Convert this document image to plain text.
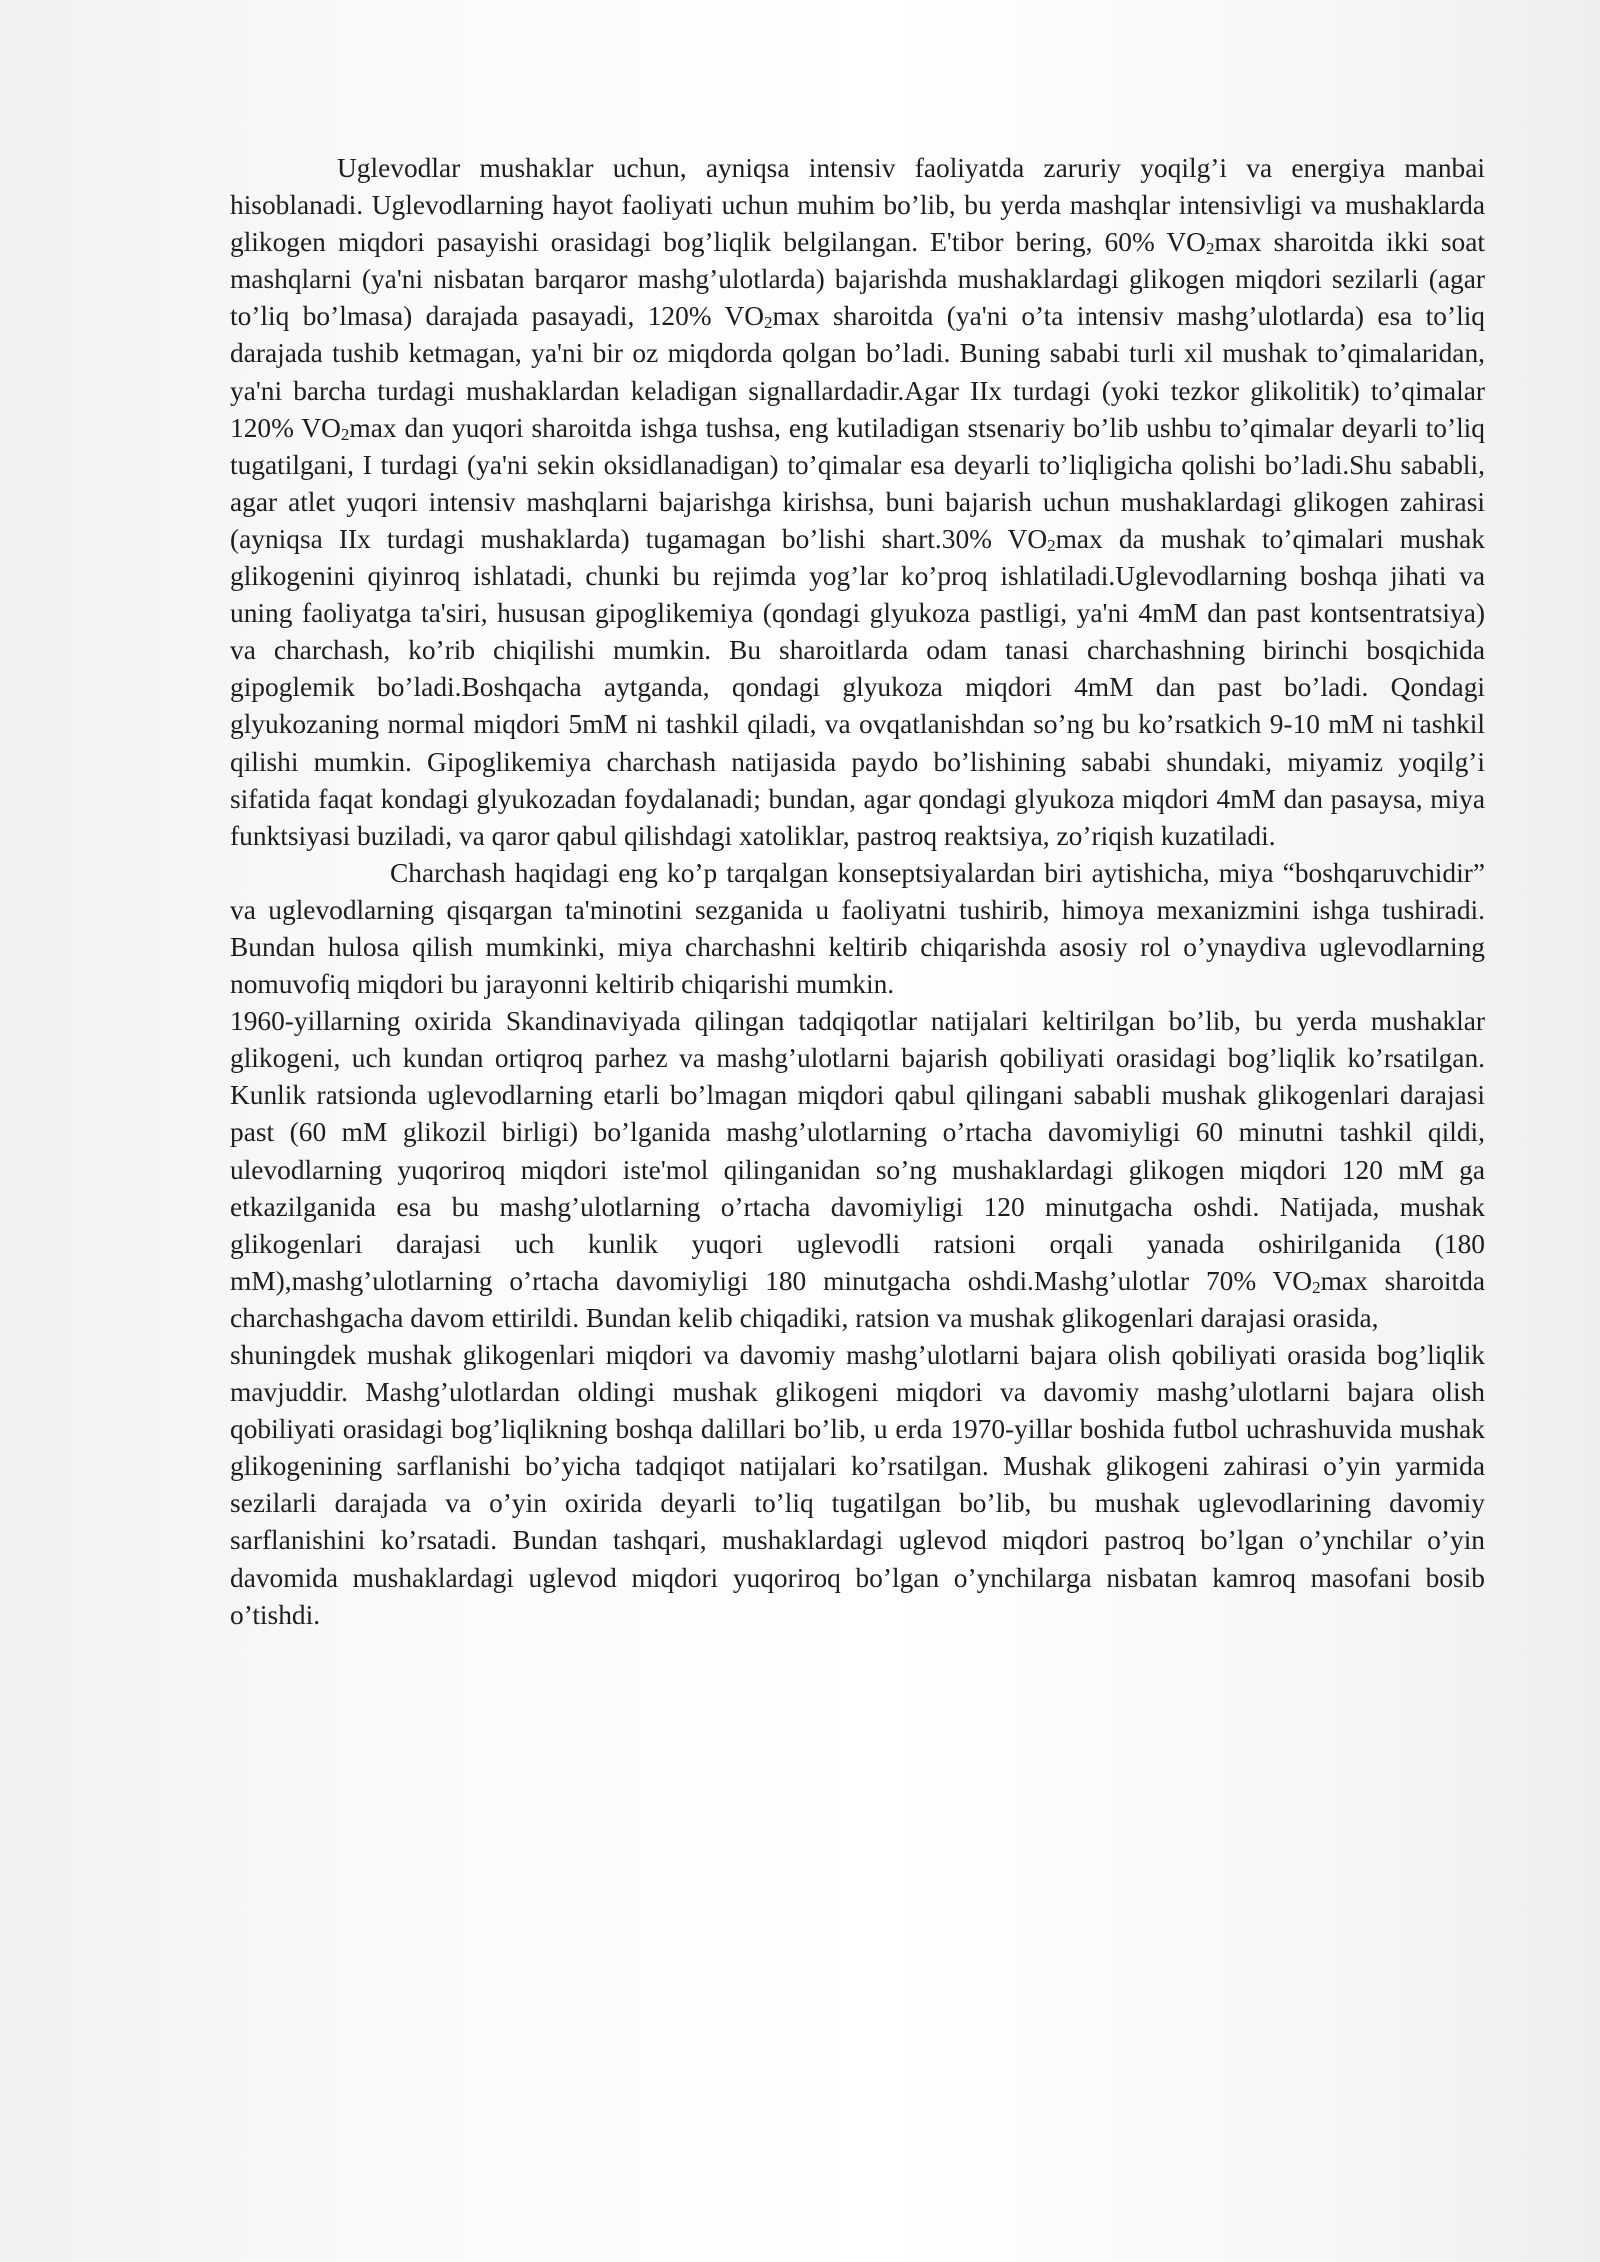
Uglevodlar mushaklar uchun, ayniqsa intensiv faoliyatda zaruriy yoqilg’i va energiya manbai hisoblanadi. Uglevodlarning hayot faoliyati uchun muhim bo’lib, bu yerda mashqlar intensivligi va mushaklarda glikogen miqdori pasayishi orasidagi bog’liqlik belgilangan. E'tibor bering, 60% $VO_2\max$ sharoitda ikki soat mashqlarni (ya'ni nisbatan barqaror mashg’ulotlarda) bajarishda mushaklardagi glikogen miqdori sezilarli (agar to’liq bo’lmasa) darajada pasayadi, 120% $VO_2\max$ sharoitda (ya'ni o’ta intensiv mashg’ulotlarda) esa to’liq darajada tushib ketmagan, ya'ni bir oz miqdorda qolgan bo’ladi. Buning sababi turli xil mushak to’qimalaridan, ya'ni barcha turdagi mushaklardan keladigan signallardadir.Agar IIx turdagi (yoki tezkor glikolitik) to’qimalar 120% $VO_2\max$ dan yuqori sharoitda ishga tushsa, eng kutiladigan stsenariy bo’lib ushbu to’qimalar deyarli to’liq tugatilgani, I turdagi (ya'ni sekin oksidlanadigan) to’qimalar esa deyarli to’liqligicha qolishi bo’ladi.Shu sababli, agar atlet yuqori intensiv mashqlarni bajarishga kirishsa, buni bajarish uchun mushaklardagi glikogen zahirasi (ayniqsa IIx turdagi mushaklarda) tugamagan bo’lishi shart.30% $VO_2\max$ da mushak to’qimalari mushak glikogenini qiyinroq ishlatadi, chunki bu rejimda yog’lar ko’proq ishlatiladi.Uglevodlarning boshqa jihati va uning faoliyatga ta'siri, hususan gipoglikemiya (qondagi glyukoza pastligi, ya'ni 4mM dan past kontsentratsiya) va charchash, ko’rib chiqilishi mumkin. Bu sharoitlarda odam tanasi charchashning birinchi bosqichida gipoglemik bo’ladi.Boshqacha aytganda, qondagi glyukoza miqdori 4mM dan past bo’ladi. Qondagi glyukozaning normal miqdori 5mM ni tashkil qiladi, va ovqatlanishdan so’ng bu ko’rsatkich 9-10 mM ni tashkil qilishi mumkin. Gipoglikemiya charchash natijasida paydo bo’lishining sababi shundaki, miyamiz yoqilg’i sifatida faqat kondagi glyukozadan foydalanadi; bundan, agar qondagi glyukoza miqdori 4mM dan pasaysa, miya funktsiyasi buziladi, va qaror qabul qilishdagi xatoliklar, pastroq reaktsiya, zo’riqish kuzatiladi.

Charchash haqidagi eng ko’p tarqalgan konseptsiyalardan biri aytishicha, miya “boshqaruvchidir” va uglevodlarning qisqargan ta'minotini sezganida u faoliyatni tushirib, himoya mexanizmini ishga tushiradi. Bundan hulosa qilish mumkinki, miya charchashni keltirib chiqarishda asosiy rol o’ynaydiva uglevodlarning nomuvofiq miqdori bu jarayonni keltirib chiqarishi mumkin.

1960-yillarning oxirida Skandinaviyada qilingan tadqiqotlar natijalari keltirilgan bo’lib, bu yerda mushaklar glikogeni, uch kundan ortiqroq parhez va mashg’ulotlarni bajarish qobiliyati orasidagi bog’liqlik ko’rsatilgan. Kunlik ratsionda uglevodlarning etarli bo’lmagan miqdori qabul qilingani sababli mushak glikogenlari darajasi past (60 mM glikozil birligi) bo’lganida mashg’ulotlarning o’rtacha davomiyligi 60 minutni tashkil qildi, ulevodlarning yuqoriroq miqdori iste'mol qilinganidan so’ng mushaklardagi glikogen miqdori 120 mM ga etkazilganida esa bu mashg’ulotlarning o’rtacha davomiyligi 120 minutgacha oshdi. Natijada, mushak glikogenlari darajasi uch kunlik yuqori uglevodli ratsioni orqali yanada oshirilganida (180 mM),mashg’ulotlarning o’rtacha davomiyligi 180 minutgacha oshdi.Mashg’ulotlar 70% $VO_2\max$ sharoitda charchashgacha davom ettirildi. Bundan kelib chiqadiki, ratsion va mushak glikogenlari darajasi orasida,

shuningdek mushak glikogenlari miqdori va davomiy mashg’ulotlarni bajara olish qobiliyati orasida bog’liqlik mavjuddir. Mashg’ulotlardan oldingi mushak glikogeni miqdori va davomiy mashg’ulotlarni bajara olish qobiliyati orasidagi bog’liqlikning boshqa dalillari bo’lib, u erda 1970-yillar boshida futbol uchrashuvida mushak glikogenining sarflanishi bo’yicha tadqiqot natijalari ko’rsatilgan. Mushak glikogeni zahirasi o’yin yarmida sezilarli darajada va o’yin oxirida deyarli to’liq tugatilgan bo’lib, bu mushak uglevodlarining davomiy sarflanishini ko’rsatadi. Bundan tashqari, mushaklardagi uglevod miqdori pastroq bo’lgan o’ynchilar o’yin davomida mushaklardagi uglevod miqdori yuqoriroq bo’lgan o’ynchilarga nisbatan kamroq masofani bosib o’tishdi.
